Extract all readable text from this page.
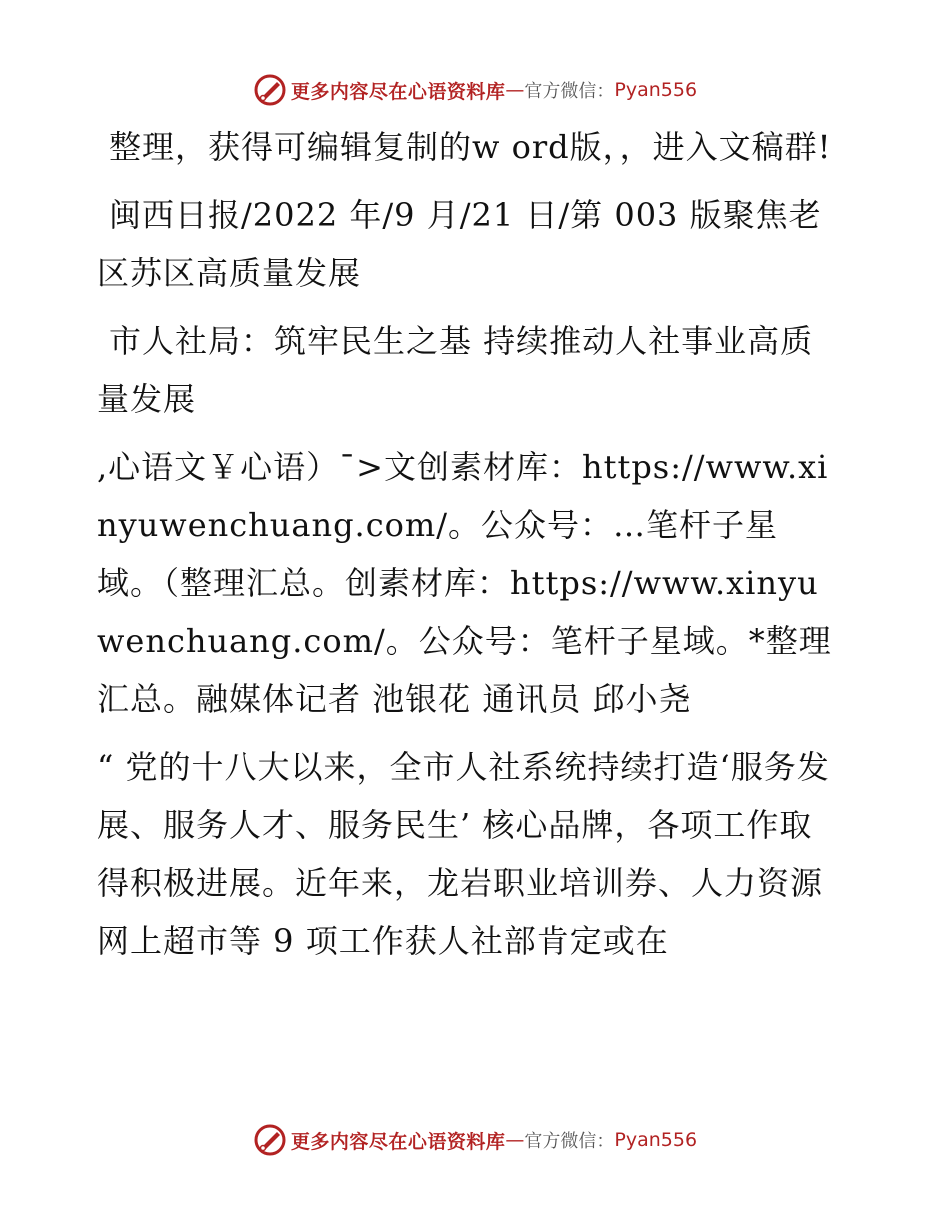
更多内容尽在心语资料库 — 官方微信： Pyan556

整理，获得可编辑复制的w ord版，，进入文稿群!

闽西日报/2022 年/9 月/21 日/第 003 版聚焦老区苏区高质量发展

市人社局：筑牢民生之基 持续推动人社事业高质量发展

,心语文￥心语）¯>文创素材库：https://www.xinyuwenchuang.com/。公众号：…笔杆子星域。（整理汇总。创素材库：https://www.xinyuwenchuang.com/。公众号：笔杆子星域。*整理汇总。融媒体记者 池银花 通讯员 邱小尧

“ 党的十八大以来，全市人社系统持续打造‘服务发展、服务人才、服务民生’ 核心品牌，各项工作取得积极进展。近年来，龙岩职业培训券、人力资源网上超市等 9 项工作获人社部肯定或在

更多内容尽在心语资料库 — 官方微信： Pyan556
